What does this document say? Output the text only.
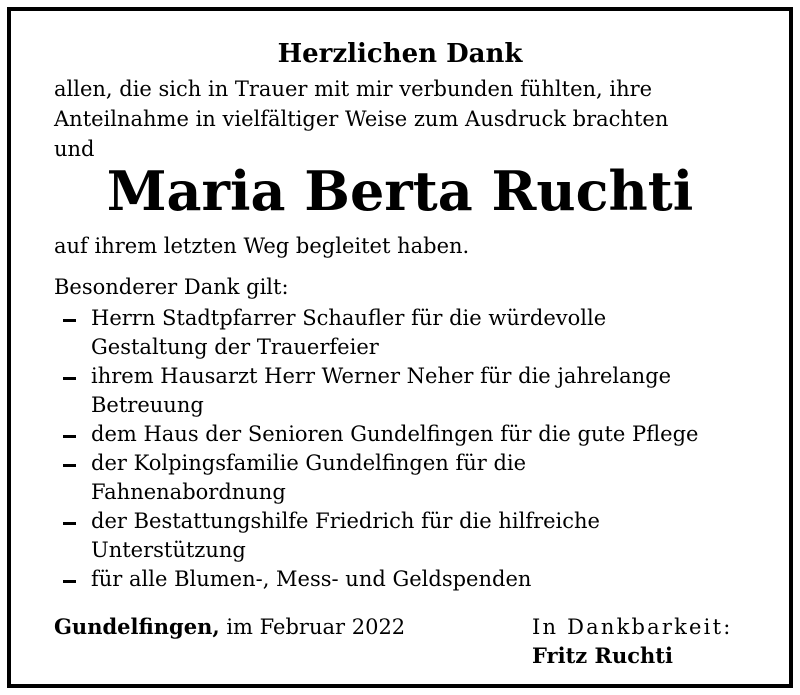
Herzlichen Dank
allen, die sich in Trauer mit mir verbunden fühlten, ihre
Anteilnahme in vielfältiger Weise zum Ausdruck brachten
und
Maria Berta Ruchti
auf ihrem letzten Weg begleitet haben.
Besonderer Dank gilt:
Herrn Stadtpfarrer Schaufler für die würdevolle
Gestaltung der Trauerfeier
ihrem Hausarzt Herr Werner Neher für die jahrelange
Betreuung
dem Haus der Senioren Gundelfingen für die gute Pflege
der Kolpingsfamilie Gundelfingen für die
Fahnenabordnung
der Bestattungshilfe Friedrich für die hilfreiche
Unterstützung
für alle Blumen-, Mess- und Geldspenden
Gundelfingen, im Februar 2022	In Dankbarkeit:
Fritz Ruchti
